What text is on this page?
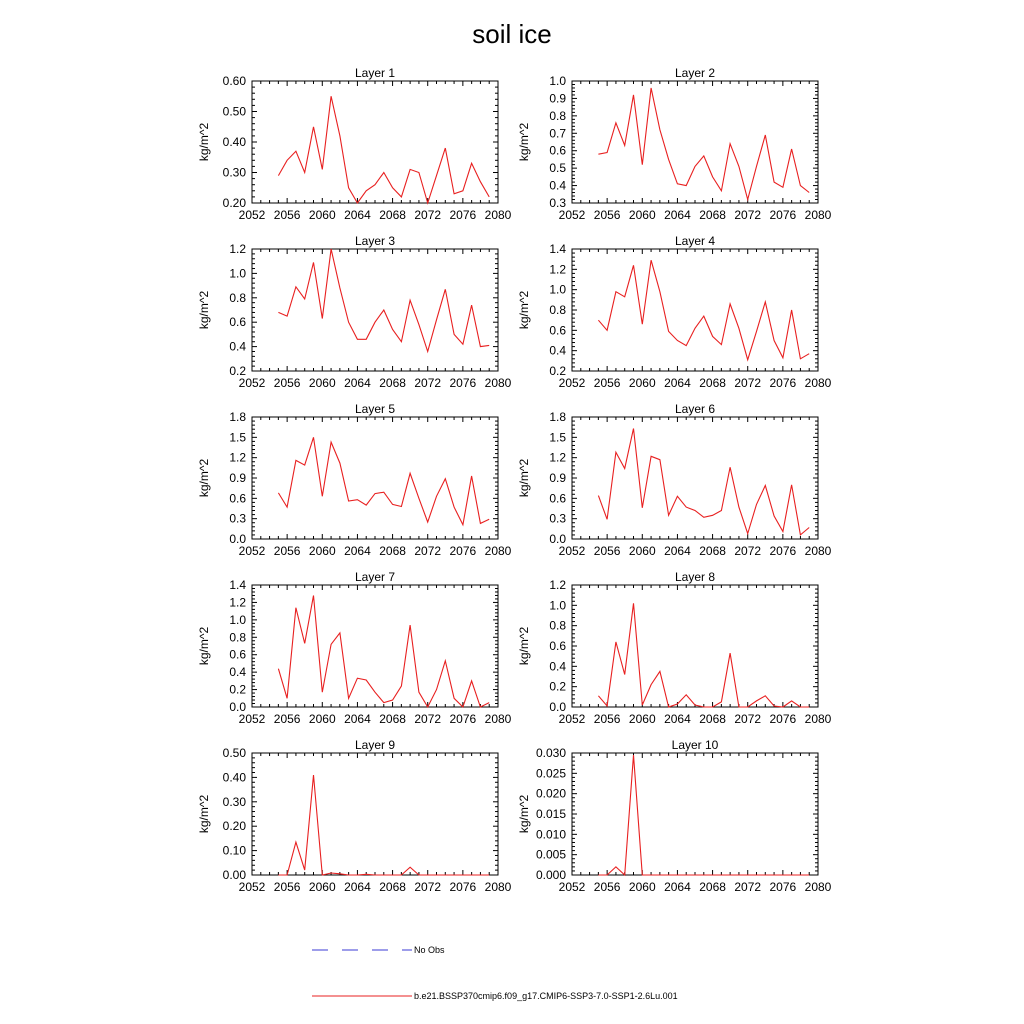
soil ice
Layer 1
kg/m^2
2052 2056 2060 2064 2068 2072 2076 2080
0.20
0.30
0.40
0.50
0.60
Layer 2
kg/m^2
2052 2056 2060 2064 2068 2072 2076 2080
0.3
0.4
0.5
0.6
0.7
0.8
0.9
1.0
Layer 3
kg/m^2
2052 2056 2060 2064 2068 2072 2076 2080
0.2
0.4
0.6
0.8
1.0
1.2
Layer 4
kg/m^2
2052 2056 2060 2064 2068 2072 2076 2080
0.2
0.4
0.6
0.8
1.0
1.2
1.4
Layer 5
kg/m^2
2052 2056 2060 2064 2068 2072 2076 2080
0.0
0.3
0.6
0.9
1.2
1.5
1.8
Layer 6
kg/m^2
2052 2056 2060 2064 2068 2072 2076 2080
0.0
0.3
0.6
0.9
1.2
1.5
1.8
Layer 7
kg/m^2
2052 2056 2060 2064 2068 2072 2076 2080
0.0
0.2
0.4
0.6
0.8
1.0
1.2
1.4
Layer 8
kg/m^2
2052 2056 2060 2064 2068 2072 2076 2080
0.0
0.2
0.4
0.6
0.8
1.0
1.2
Layer 9
kg/m^2
2052 2056 2060 2064 2068 2072 2076 2080
0.00
0.10
0.20
0.30
0.40
0.50
Layer 10
kg/m^2
2052 2056 2060 2064 2068 2072 2076 2080
0.000
0.005
0.010
0.015
0.020
0.025
0.030
No Obs
b.e21.BSSP370cmip6.f09_g17.CMIP6-SSP3-7.0-SSP1-2.6Lu.001
